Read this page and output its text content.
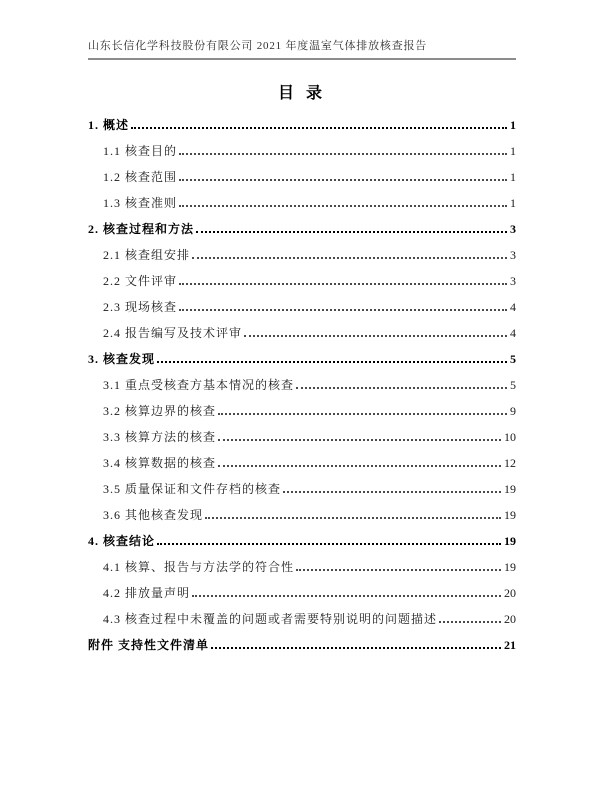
山东长信化学科技股份有限公司 2021 年度温室气体排放核查报告
目 录
1. 概述	1
1.1 核查目的	1
1.2 核查范围	1
1.3 核查准则	1
2. 核查过程和方法	3
2.1 核查组安排	3
2.2 文件评审	3
2.3 现场核查	4
2.4 报告编写及技术评审	4
3. 核查发现	5
3.1 重点受核查方基本情况的核查	5
3.2 核算边界的核查	9
3.3 核算方法的核查	10
3.4 核算数据的核查	12
3.5 质量保证和文件存档的核查	19
3.6 其他核查发现	19
4. 核查结论	19
4.1 核算、报告与方法学的符合性	19
4.2 排放量声明	20
4.3 核查过程中未覆盖的问题或者需要特别说明的问题描述	20
附件 支持性文件清单	21
